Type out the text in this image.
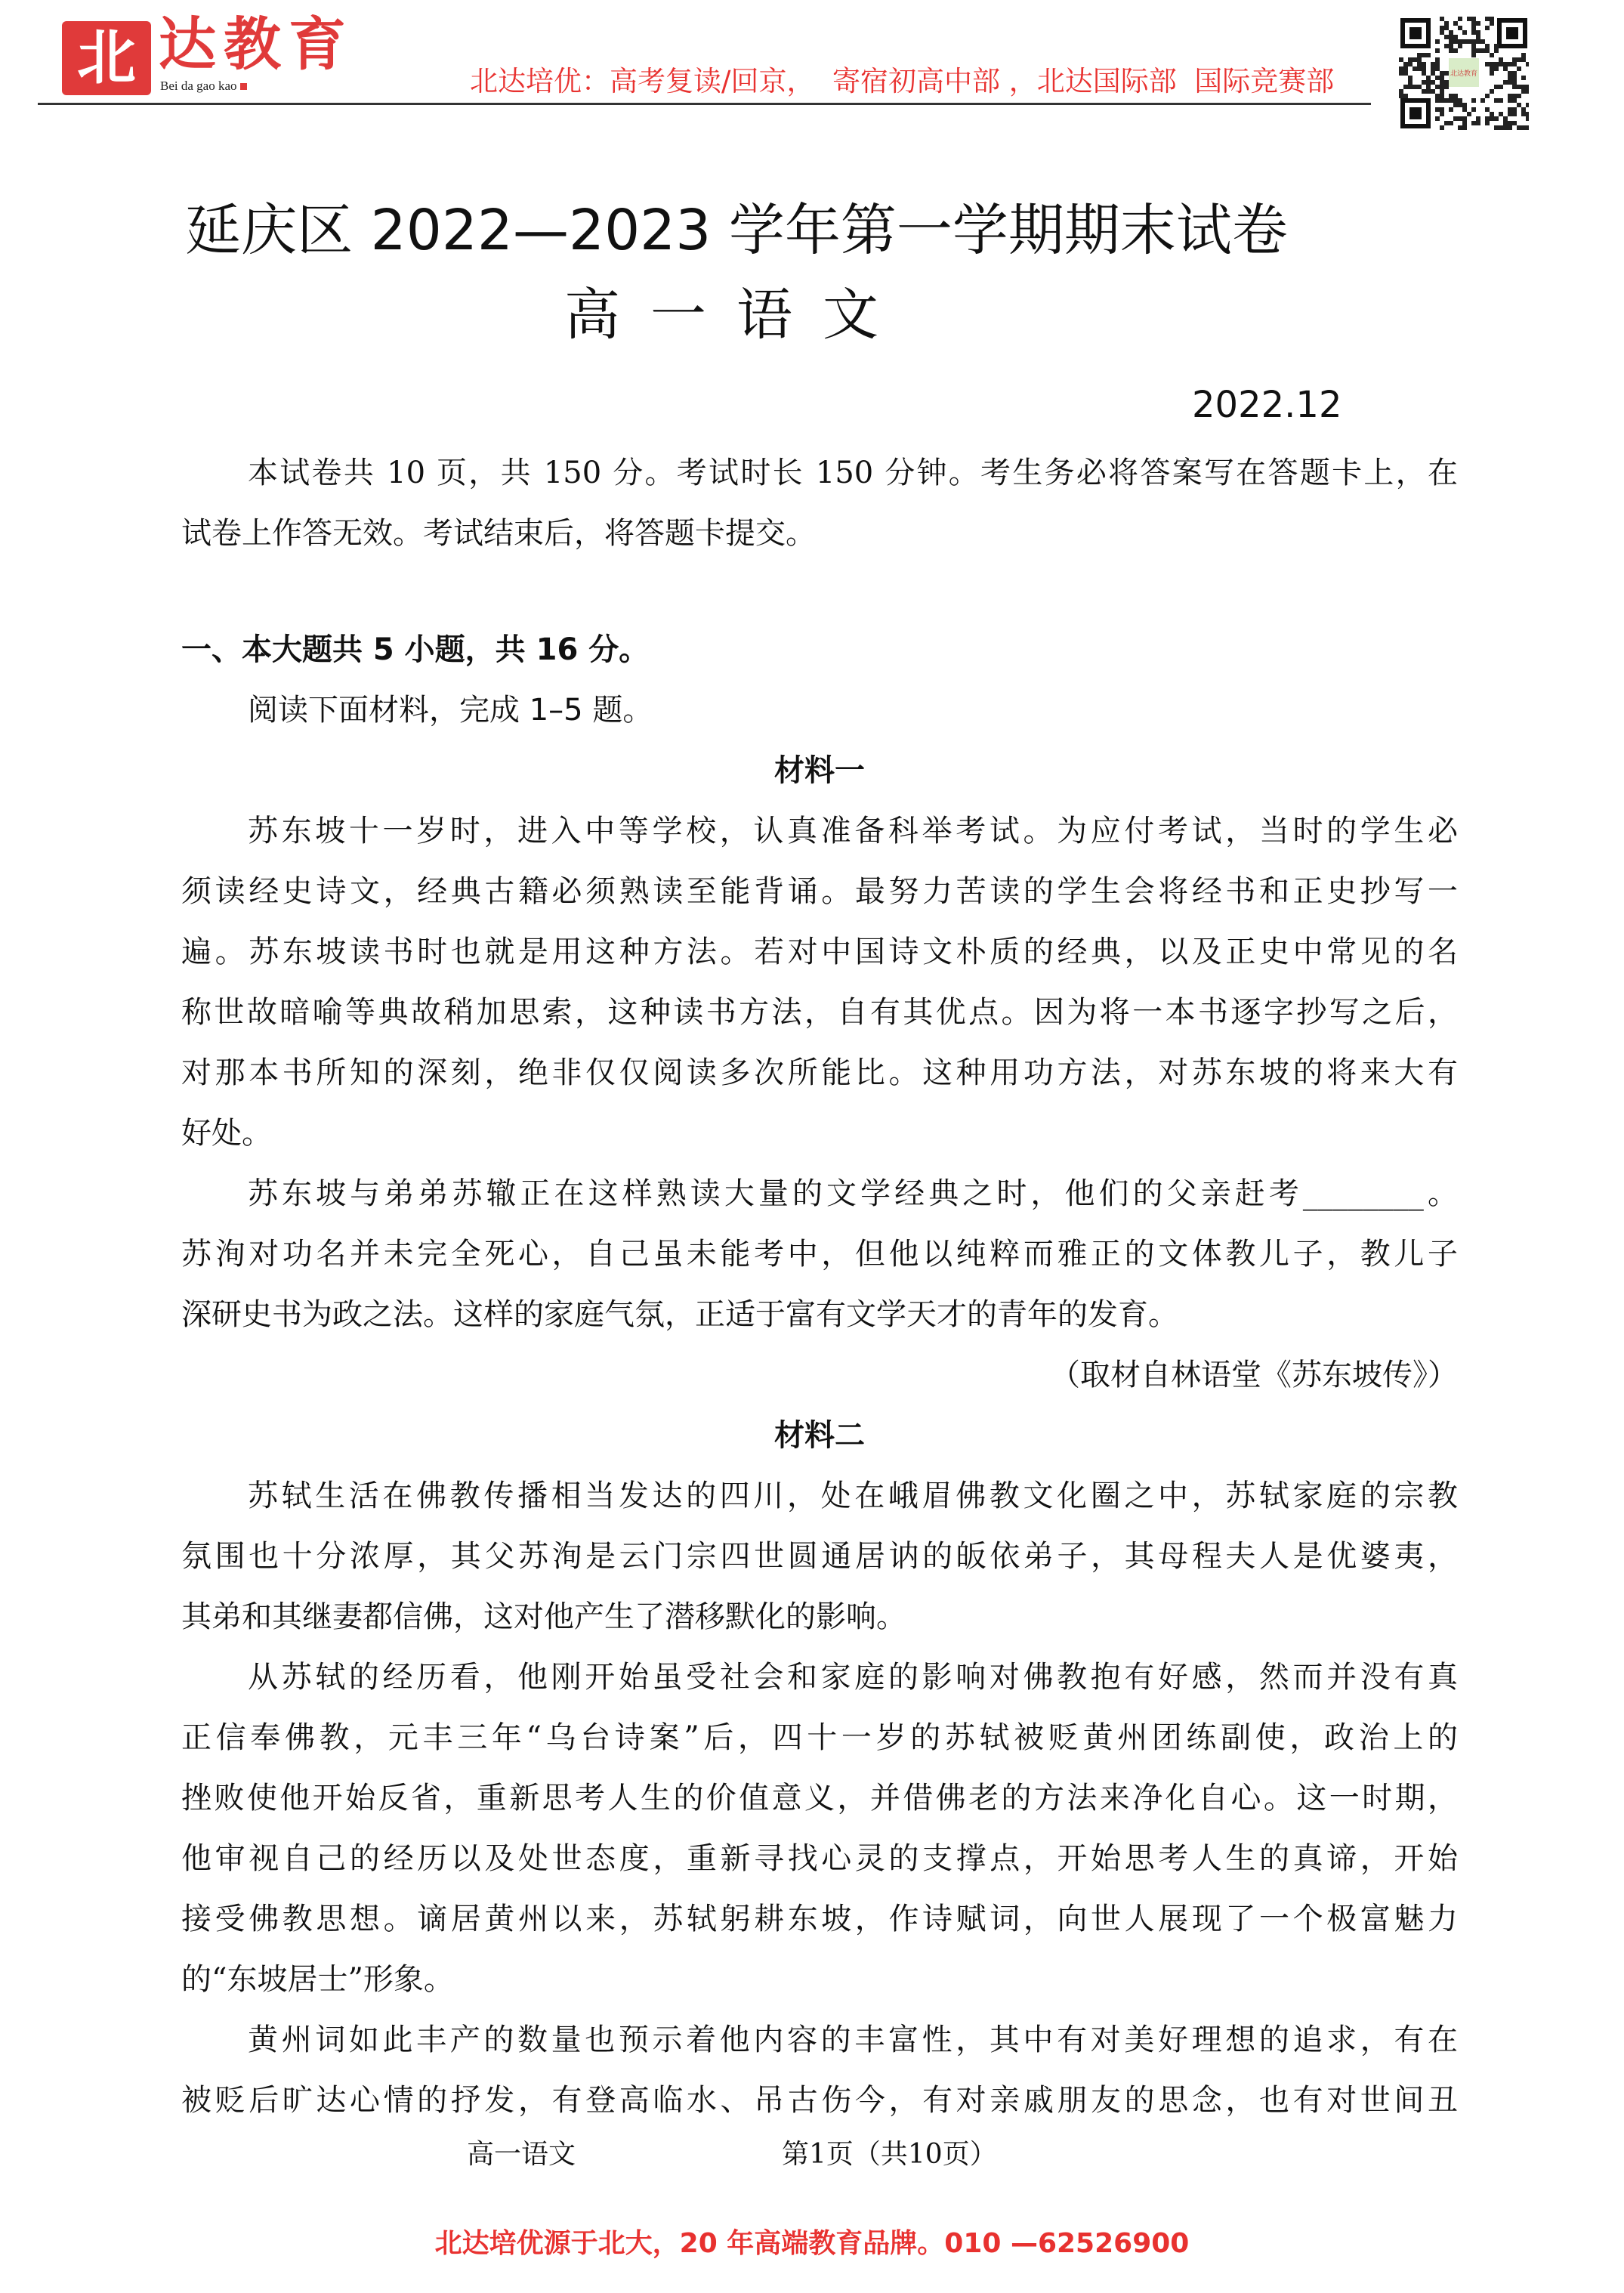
北 达教育
Bei da gao kao	北达培优：高考复读/回京，  寄宿初高中部 ，北达国际部  国际竞赛部	北达教育
延庆区 2022—2023 学年第一学期期末试卷
高一语文
2022.12
本试卷共 10 页，共 150 分。考试时长 150 分钟。考生务必将答案写在答题卡上，在
试卷上作答无效。考试结束后，将答题卡提交。
一、本大题共 5 小题，共 16 分。
阅读下面材料，完成 1–5 题。
材料一
苏东坡十一岁时，进入中等学校，认真准备科举考试。为应付考试，当时的学生必
须读经史诗文，经典古籍必须熟读至能背诵。最努力苦读的学生会将经书和正史抄写一
遍。苏东坡读书时也就是用这种方法。若对中国诗文朴质的经典，以及正史中常见的名
称世故暗喻等典故稍加思索，这种读书方法，自有其优点。因为将一本书逐字抄写之后，
对那本书所知的深刻，绝非仅仅阅读多次所能比。这种用功方法，对苏东坡的将来大有
好处。
苏东坡与弟弟苏辙正在这样熟读大量的文学经典之时，他们的父亲赶考________。
苏洵对功名并未完全死心，自己虽未能考中，但他以纯粹而雅正的文体教儿子，教儿子
深研史书为政之法。这样的家庭气氛，正适于富有文学天才的青年的发育。
（取材自林语堂《苏东坡传》）
材料二
苏轼生活在佛教传播相当发达的四川，处在峨眉佛教文化圈之中，苏轼家庭的宗教
氛围也十分浓厚，其父苏洵是云门宗四世圆通居讷的皈依弟子，其母程夫人是优婆夷，
其弟和其继妻都信佛，这对他产生了潜移默化的影响。
从苏轼的经历看，他刚开始虽受社会和家庭的影响对佛教抱有好感，然而并没有真
正信奉佛教，元丰三年“乌台诗案”后，四十一岁的苏轼被贬黄州团练副使，政治上的
挫败使他开始反省，重新思考人生的价值意义，并借佛老的方法来净化自心。这一时期，
他审视自己的经历以及处世态度，重新寻找心灵的支撑点，开始思考人生的真谛，开始
接受佛教思想。谪居黄州以来，苏轼躬耕东坡，作诗赋词，向世人展现了一个极富魅力
的“东坡居士”形象。
黄州词如此丰产的数量也预示着他内容的丰富性，其中有对美好理想的追求，有在
被贬后旷达心情的抒发，有登高临水、吊古伤今，有对亲戚朋友的思念，也有对世间丑
高一语文	第1页（共10页）
北达培优源于北大，20 年高端教育品牌。010 —62526900
